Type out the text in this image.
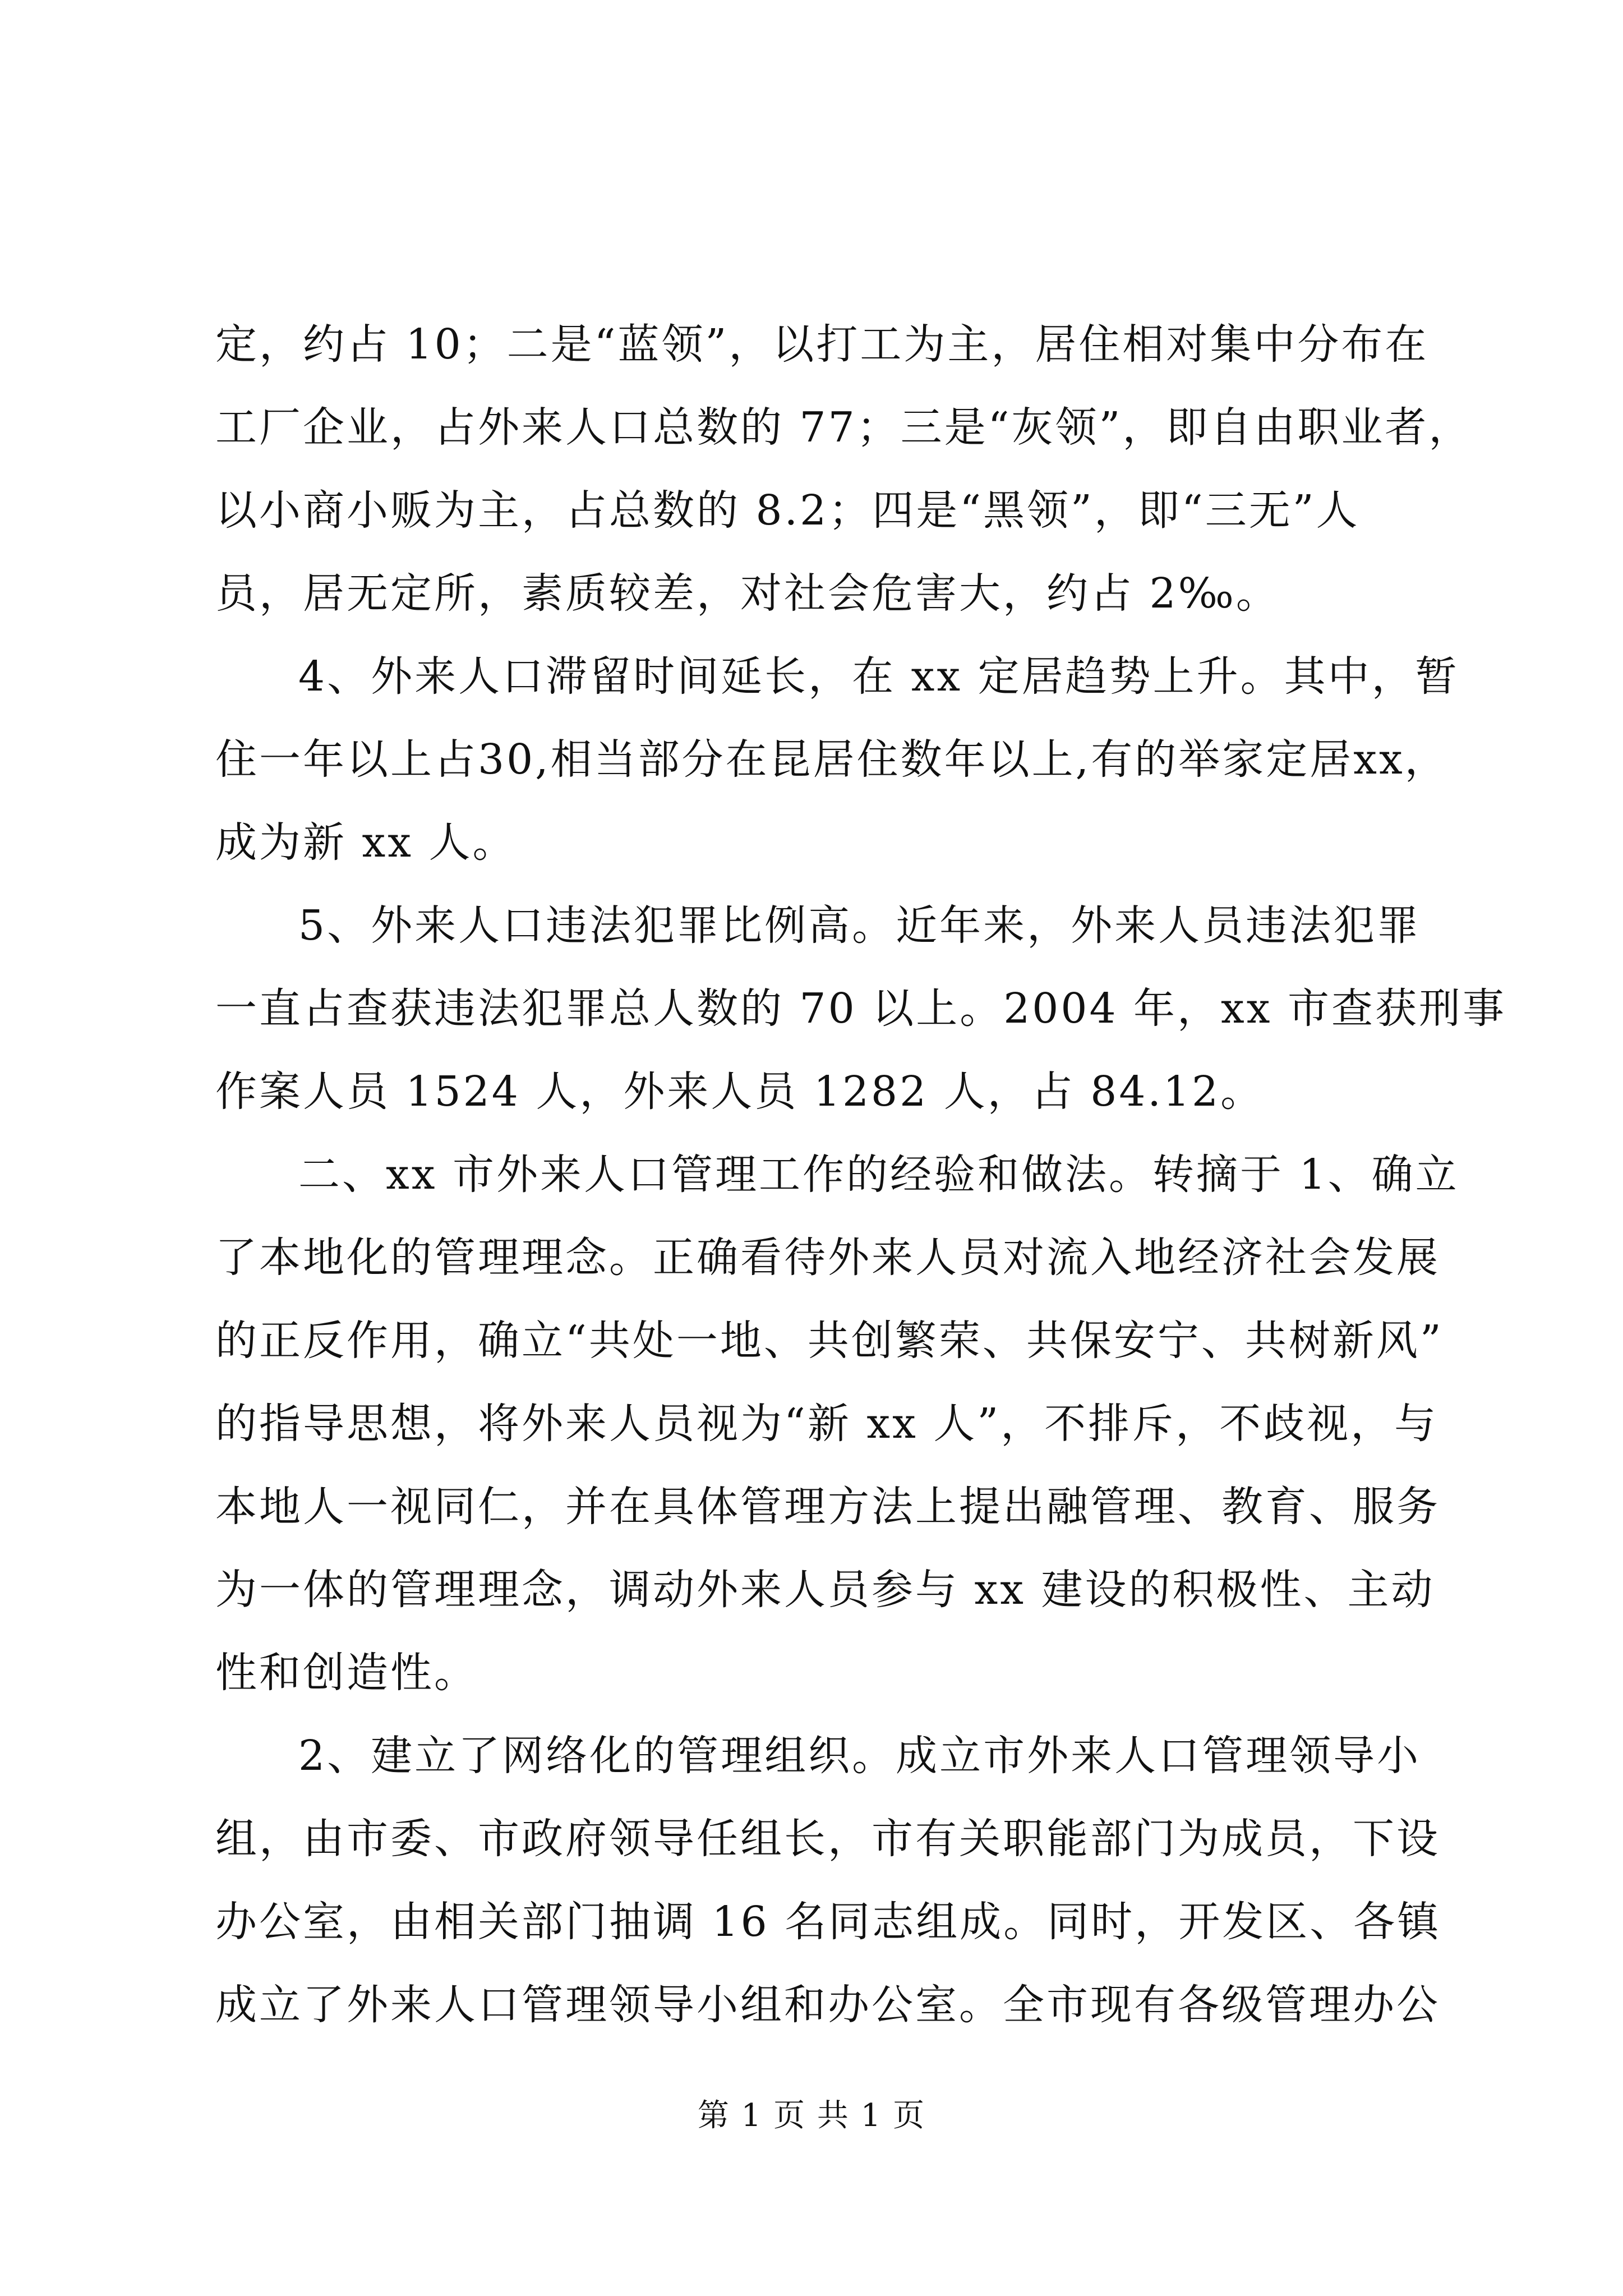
定，约占 10；二是“蓝领”，以打工为主，居住相对集中分布在
工厂企业，占外来人口总数的 77；三是“灰领”，即自由职业者，
以小商小贩为主，占总数的 8.2；四是“黑领”，即“三无”人
员，居无定所，素质较差，对社会危害大，约占 2‰。
4、外来人口滞留时间延长，在 xx 定居趋势上升。其中，暂
住一年以上占30,相当部分在昆居住数年以上,有的举家定居xx，
成为新 xx 人。
5、外来人口违法犯罪比例高。近年来，外来人员违法犯罪
一直占查获违法犯罪总人数的 70 以上。2004 年，xx 市查获刑事
作案人员 1524 人，外来人员 1282 人，占 84.12。
二、xx 市外来人口管理工作的经验和做法。转摘于 1、确立
了本地化的管理理念。正确看待外来人员对流入地经济社会发展
的正反作用，确立“共处一地、共创繁荣、共保安宁、共树新风”
的指导思想，将外来人员视为“新 xx 人”，不排斥，不歧视，与
本地人一视同仁，并在具体管理方法上提出融管理、教育、服务
为一体的管理理念，调动外来人员参与 xx 建设的积极性、主动
性和创造性。
2、建立了网络化的管理组织。成立市外来人口管理领导小
组，由市委、市政府领导任组长，市有关职能部门为成员，下设
办公室，由相关部门抽调 16 名同志组成。同时，开发区、各镇
成立了外来人口管理领导小组和办公室。全市现有各级管理办公
第 1 页 共 1 页
